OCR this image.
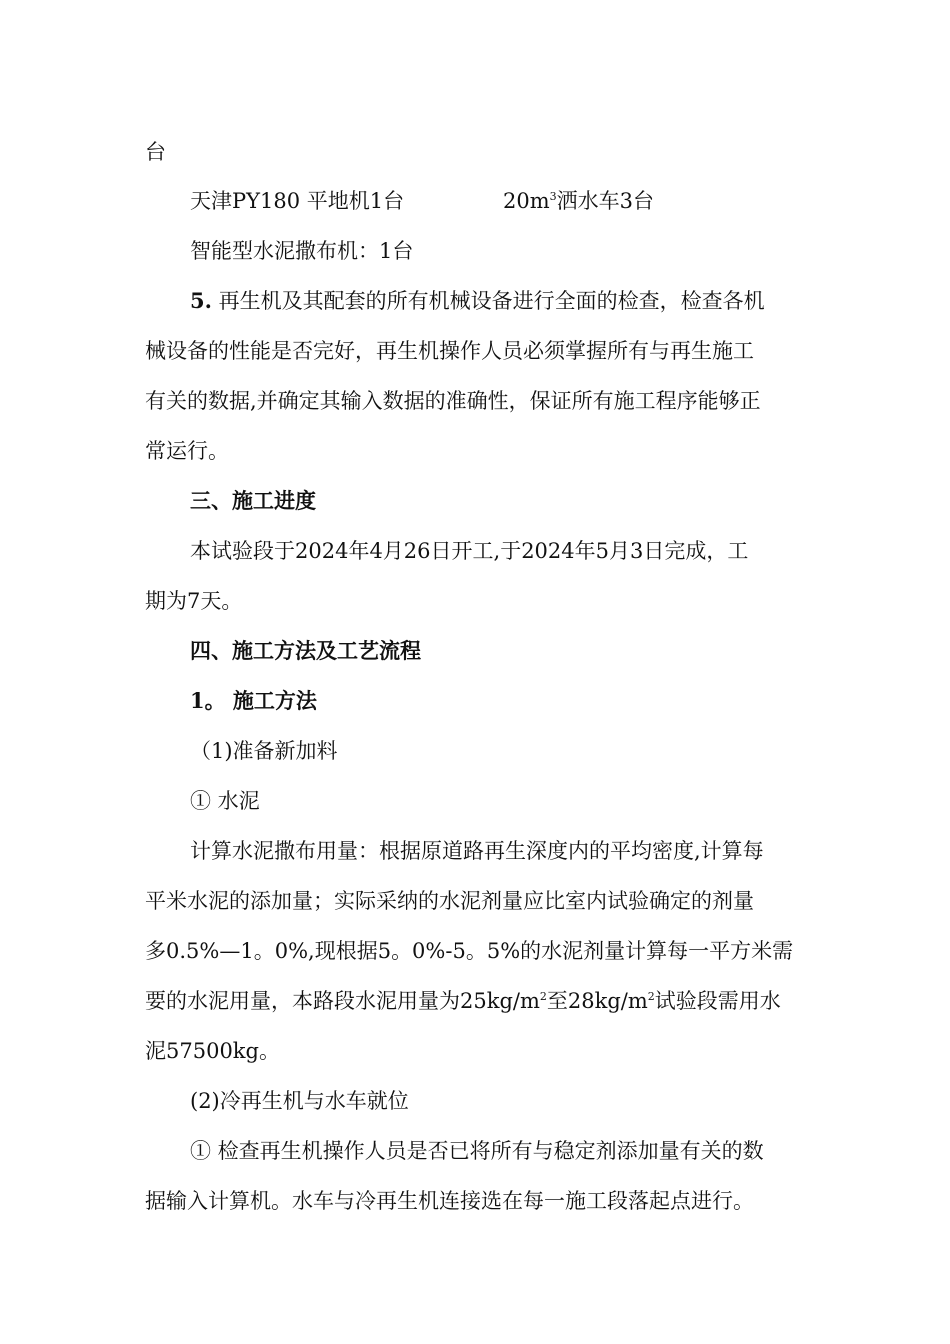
台
天津PY180 平地机1台	$20m^3$洒水车3台
智能型水泥撒布机：1台
5. 再生机及其配套的所有机械设备进行全面的检查，检查各机
械设备的性能是否完好，再生机操作人员必须掌握所有与再生施工
有关的数据,并确定其输入数据的准确性，保证所有施工程序能够正
常运行。
三、施工进度
本试验段于2024年4月26日开工,于2024年5月3日完成，工
期为7天。
四、施工方法及工艺流程
1。 施工方法
（1)准备新加料
① 水泥
计算水泥撒布用量：根据原道路再生深度内的平均密度,计算每
平米水泥的添加量；实际采纳的水泥剂量应比室内试验确定的剂量
多0.5%—1。0%,现根据5。0%-5。5%的水泥剂量计算每一平方米需
要的水泥用量，本路段水泥用量为$25kg/m^2$至$28kg/m^2$试验段需用水
泥57500kg。
(2)冷再生机与水车就位
① 检查再生机操作人员是否已将所有与稳定剂添加量有关的数
据输入计算机。水车与冷再生机连接选在每一施工段落起点进行。
